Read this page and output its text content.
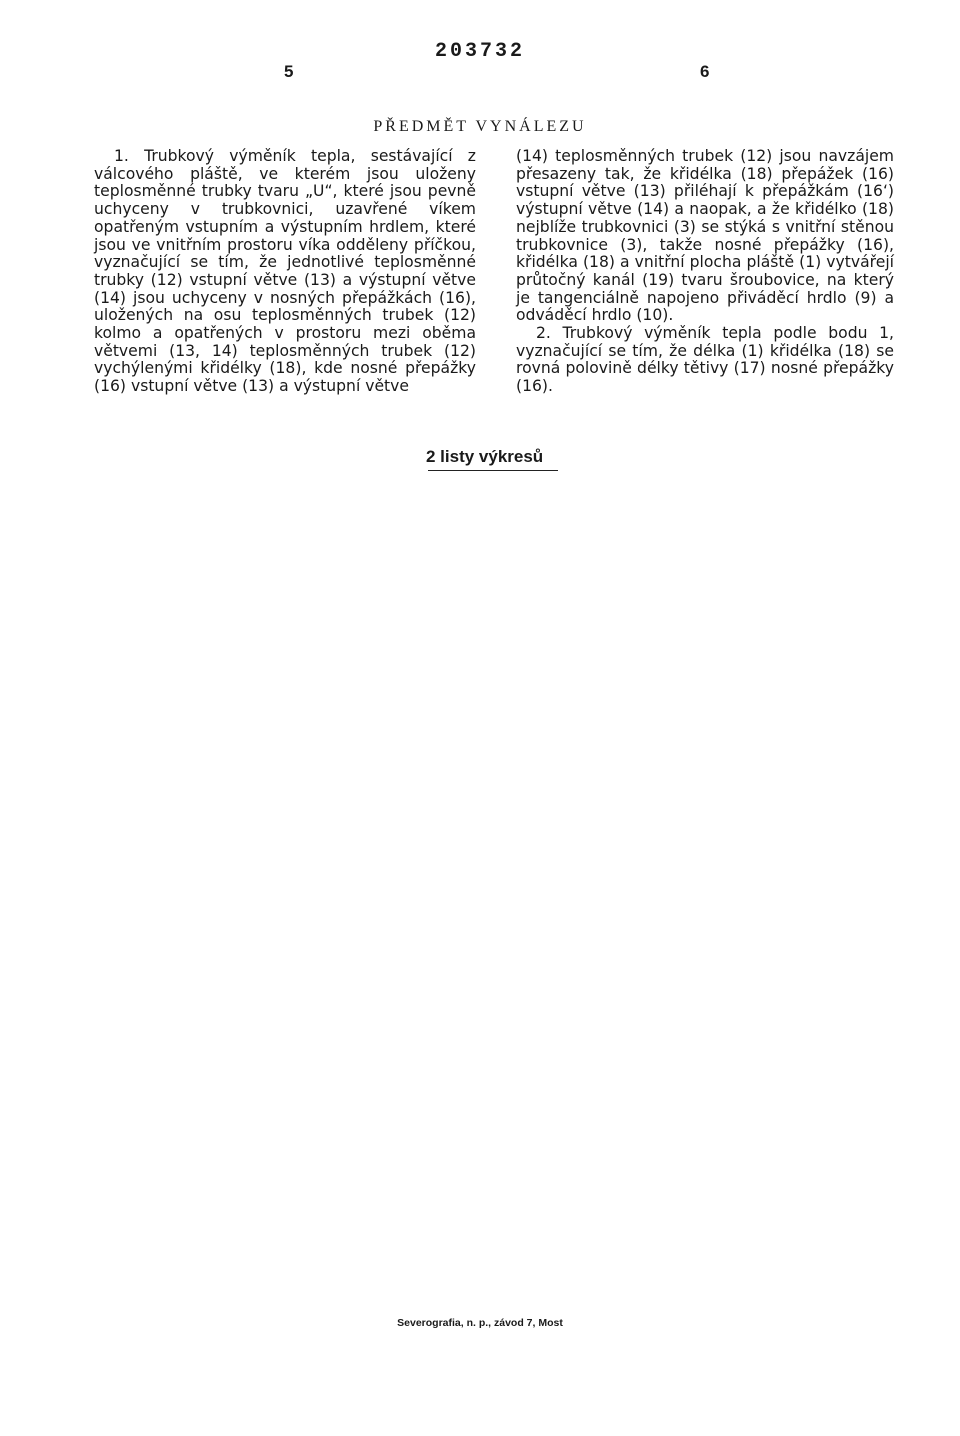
203732
5	6
PŘEDMĚT VYNÁLEZU

1. Trubkový výměník tepla, sestávající z válcového pláště, ve kterém jsou uloženy teplosměnné trubky tvaru „U“, které jsou pevně uchyceny v trubkovnici, uzavřené víkem opatřeným vstupním a výstupním hrdlem, které jsou ve vnitřním prostoru víka odděleny příčkou, vyznačující se tím, že jednotlivé teplosměnné trubky (12) vstupní větve (13) a výstupní větve (14) jsou uchyceny v nosných přepážkách (16), uložených na osu teplosměnných trubek (12) kolmo a opatřených v prostoru mezi oběma větvemi (13, 14) teplosměnných trubek (12) vychýlenými křidélky (18), kde nosné přepážky (16) vstupní větve (13) a výstupní větve

(14) teplosměnných trubek (12) jsou navzájem přesazeny tak, že křidélka (18) přepážek (16) vstupní větve (13) přiléhají k přepážkám (16‘) výstupní větve (14) a naopak, a že křidélko (18) nejblíže trubkovnici (3) se stýká s vnitřní stěnou trubkovnice (3), takže nosné přepážky (16), křidélka (18) a vnitřní plocha pláště (1) vytvářejí průtočný kanál (19) tvaru šroubovice, na který je tangenciálně napojeno přiváděcí hrdlo (9) a odváděcí hrdlo (10).

2. Trubkový výměník tepla podle bodu 1, vyznačující se tím, že délka (1) křidélka (18) se rovná polovině délky tětivy (17) nosné přepážky (16).

2 listy výkresů
Severografia, n. p., závod 7, Most
